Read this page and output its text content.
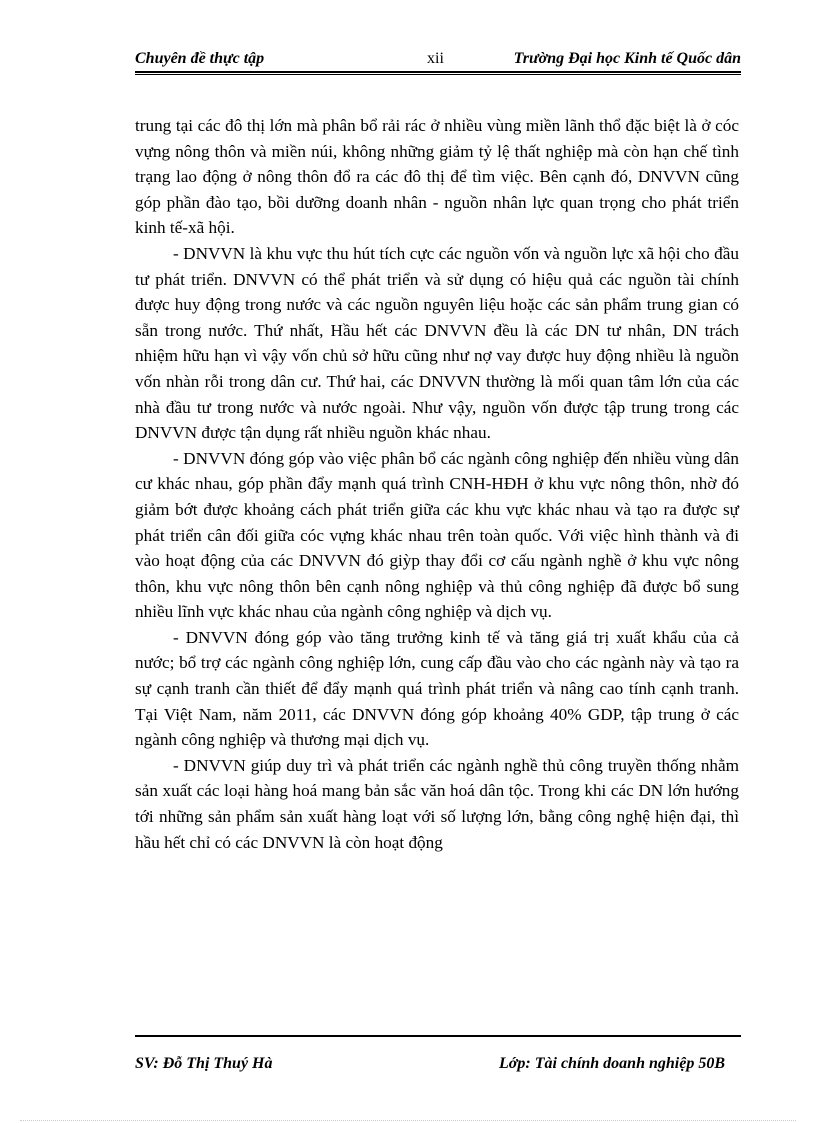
Chuyên đề thực tập	xii	Trường Đại học Kinh tế Quốc dân

trung tại các đô thị lớn mà phân bổ rải rác ở nhiều vùng miền lãnh thổ đặc biệt là ở cóc vựng nông thôn và miền núi, không những giảm tỷ lệ thất nghiệp mà còn hạn chế tình trạng lao động ở nông thôn đổ ra các đô thị để tìm việc. Bên cạnh đó, DNVVN cũng góp phần đào tạo, bồi dưỡng doanh nhân - nguồn nhân lực quan trọng cho phát triển kinh tế-xã hội.

- DNVVN là khu vực thu hút tích cực các nguồn vốn và nguồn lực xã hội cho đầu tư phát triển. DNVVN có thể phát triển và sử dụng có hiệu quả các nguồn tài chính được huy động trong nước và các nguồn nguyên liệu hoặc các sản phẩm trung gian có sẵn trong nước. Thứ nhất, Hầu hết các DNVVN đều là các DN tư nhân, DN trách nhiệm hữu hạn vì vậy vốn chủ sở hữu cũng như nợ vay được huy động nhiều là nguồn vốn nhàn rỗi trong dân cư. Thứ hai, các DNVVN thường là mối quan tâm lớn của các nhà đầu tư trong nước và nước ngoài. Như vậy, nguồn vốn được tập trung trong các DNVVN được tận dụng rất nhiều nguồn khác nhau.

- DNVVN đóng góp vào việc phân bổ các ngành công nghiệp đến nhiều vùng dân cư khác nhau, góp phần đẩy mạnh quá trình CNH-HĐH ở khu vực nông thôn, nhờ đó giảm bớt được khoảng cách phát triển giữa các khu vực khác nhau và tạo ra được sự phát triển cân đối giữa cóc vựng khác nhau trên toàn quốc. Với việc hình thành và đi vào hoạt động của các DNVVN đó giỳp thay đổi cơ cấu ngành nghề ở khu vực nông thôn, khu vực nông thôn bên cạnh nông nghiệp và thủ công nghiệp đã được bổ sung nhiều lĩnh vực khác nhau của ngành công nghiệp và dịch vụ.

- DNVVN đóng góp vào tăng trưởng kinh tế và tăng giá trị xuất khẩu của cả nước; bổ trợ các ngành công nghiệp lớn, cung cấp đầu vào cho các ngành này và tạo ra sự cạnh tranh cần thiết để đẩy mạnh quá trình phát triển và nâng cao tính cạnh tranh. Tại Việt Nam, năm 2011, các DNVVN đóng góp khoảng 40% GDP, tập trung ở các ngành công nghiệp và thương mại dịch vụ.

- DNVVN giúp duy trì và phát triển các ngành nghề thủ công truyền thống nhằm sản xuất các loại hàng hoá mang bản sắc văn hoá dân tộc. Trong khi các DN lớn hướng tới những sản phẩm sản xuất hàng loạt với số lượng lớn, bằng công nghệ hiện đại, thì hầu hết chỉ có các DNVVN là còn hoạt động

SV: Đỗ Thị Thuý Hà	Lớp: Tài chính doanh nghiệp 50B
